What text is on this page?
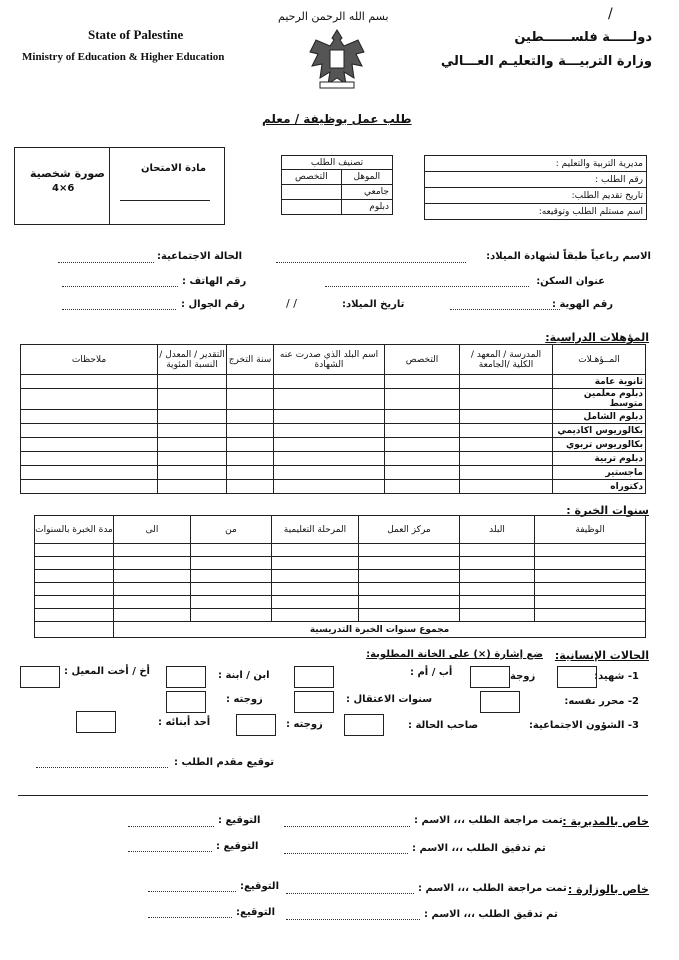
State of Palestine
Ministry of Education & Higher Education
بسم الله الرحمن الرحيم
دولـــــة فلســــــطين
وزارة التربيـــة والتعليـم العـــالي
/
طلب عمل بوظيفة / معلم
صورة شخصية
4×6
مادة الامتحان
تصنيف الطلب	
التخصص	الموهل
	جامعي
	دبلوم
مديرية التربية والتعليم :
رقم الطلب :
تاريخ تقديم الطلب:
اسم مستلم الطلب وتوقيعه:
الاسم رباعياً طبقاً لشهادة الميلاد:
الحالة الاجتماعية:
عنوان السكن:
رقم الهاتف :
رقم الهوية :
تاريخ الميلاد:
/ /
رقم الجوال :
المؤهلات الدراسية:
المــؤهـلات	المدرسة / المعهد / الكلية /الجامعة	التخصص	اسم البلد الذي صدرت عنه الشهادة	سنة التخرج	التقدير / المعدل / النسبة المئوية	ملاحظات
ثانوية عامة						
دبلوم معلمين متوسط						
دبلوم الشامل						
بكالوريوس اكاديمي						
بكالوريوس تربوي						
دبلوم تربية						
ماجستير						
دكتوراه						
سنوات الخبرة :
الوظيفة	البلد	مركز العمل	المرحلة التعليمية	من	الى	مدة الخبرة بالسنوات

مجموع سنوات الخبرة التدريسية						
الحالات الإنسانية:
ضع إشارة (×) على الخانة المطلوبة:
1- شهيد:
زوجة
أب / أم :
ابن / ابنة :
أخ / أخت المعيل :
2- محرر نفسه:
سنوات الاعتقال :
زوجته :
3- الشؤون الاجتماعية:
صاحب الحالة :
زوجته :
أحد أبنائه :
توقيع مقدم الطلب :
خاص بالمديرية :
تمت مراجعة الطلب ،،، الاسم :
التوقيع :
تم تدقيق الطلب ،،، الاسم :
التوقيع :
خاص بالوزارة :
تمت مراجعة الطلب ،،، الاسم :
التوقيع:
تم تدقيق الطلب ،،، الاسم :
التوقيع:
